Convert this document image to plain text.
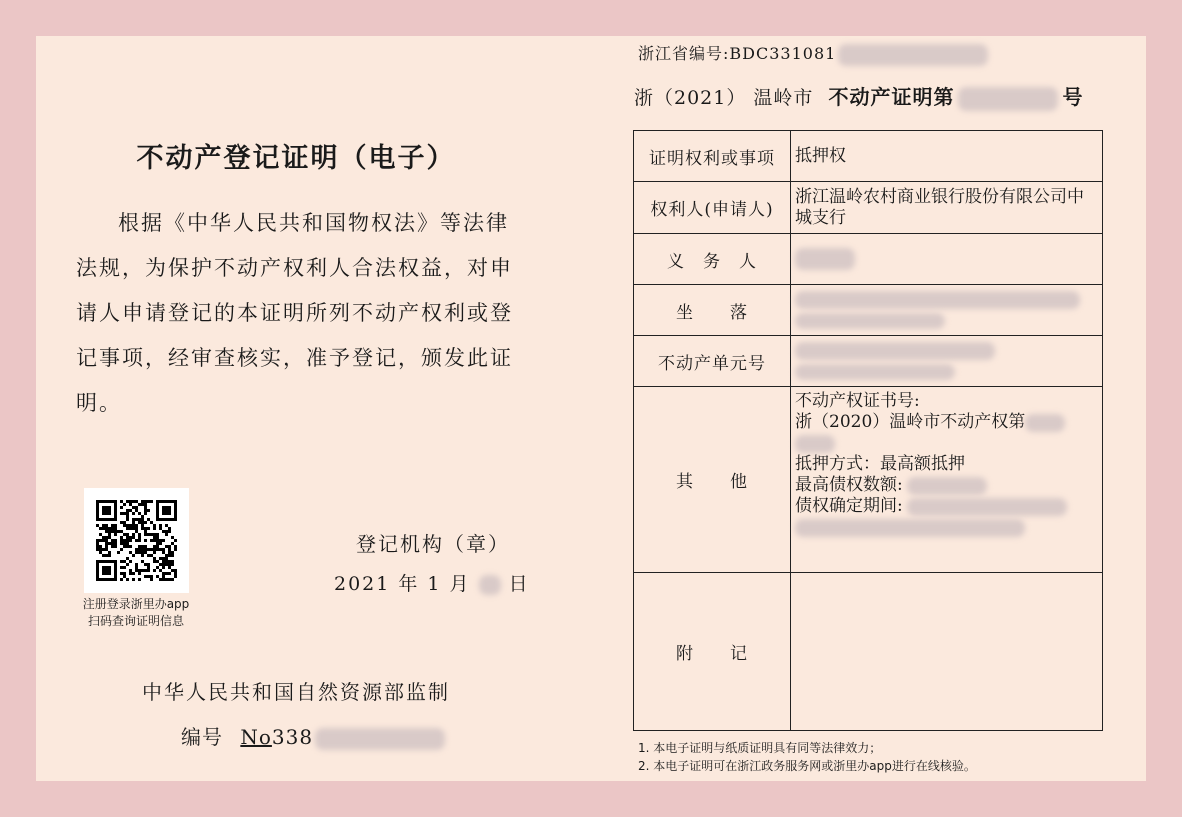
不动产登记证明（电子）

根据《中华人民共和国物权法》等法律法规，为保护不动产权利人合法权益，对申请人申请登记的本证明所列不动产权利或登记事项，经审查核实，准予登记，颁发此证明。

注册登录浙里办app
扫码查询证明信息
登记机构（章）
2021 年 1 月 日
中华人民共和国自然资源部监制
编号 No338
浙江省编号:BDC331081
浙（2021） 温岭市 不动产证明第	号
证明权利或事项	抵押权
权利人(申请人)	浙江温岭农村商业银行股份有限公司中城支行
义　务　人	
坐　　落	

不动产单元号	

其　　他	不动产权证书号:
浙（2020）温岭市不动产权第
抵押方式：最高额抵押
最高债权数额:
债权确定期间:

附　　记	
1. 本电子证明与纸质证明具有同等法律效力；
2. 本电子证明可在浙江政务服务网或浙里办app进行在线核验。
